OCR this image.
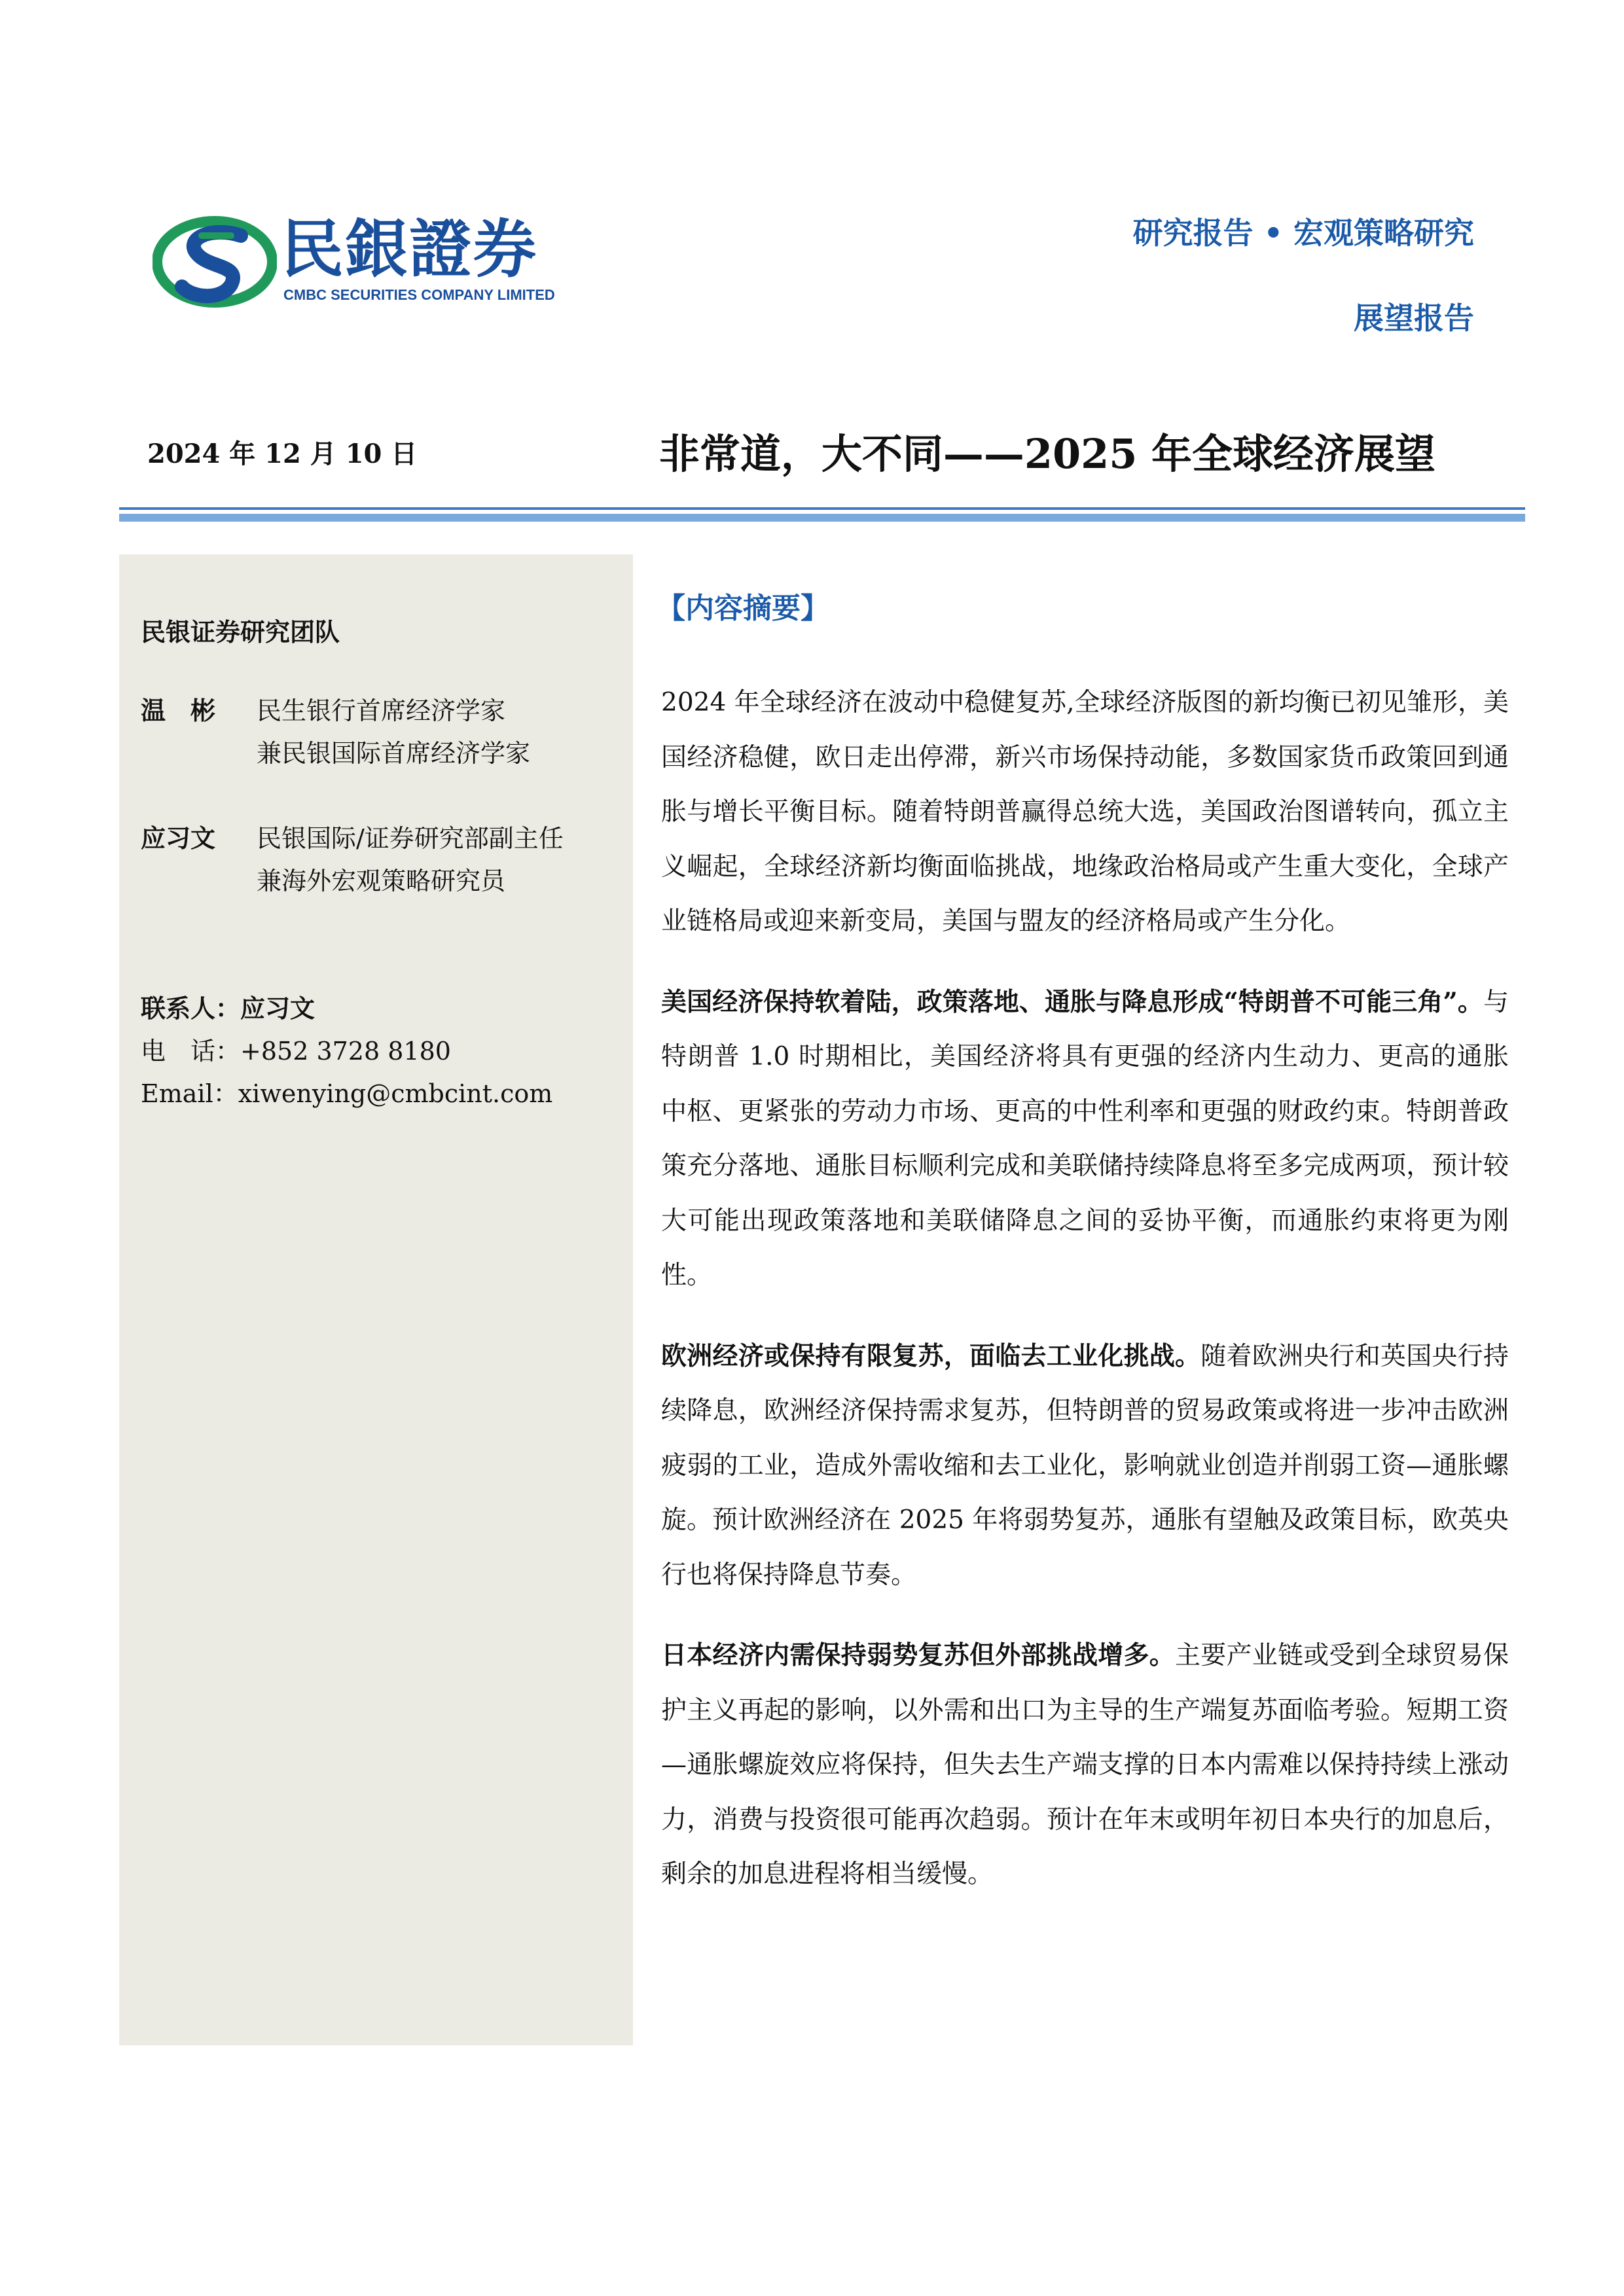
民銀證券
CMBC SECURITIES COMPANY LIMITED
研究报告 • 宏观策略研究
展望报告
2024 年 12 月 10 日	非常道，大不同——2025 年全球经济展望
民银证券研究团队
温　彬 民生银行首席经济学家
兼民银国际首席经济学家
应习文 民银国际/证券研究部副主任
兼海外宏观策略研究员
联系人：应习文
电　话：+852 3728 8180
Email：xiwenying@cmbcint.com
【内容摘要】

2024 年全球经济在波动中稳健复苏,全球经济版图的新均衡已初见雏形，美国经济稳健，欧日走出停滞，新兴市场保持动能，多数国家货币政策回到通胀与增长平衡目标。随着特朗普赢得总统大选，美国政治图谱转向，孤立主义崛起，全球经济新均衡面临挑战，地缘政治格局或产生重大变化，全球产业链格局或迎来新变局，美国与盟友的经济格局或产生分化。

美国经济保持软着陆，政策落地、通胀与降息形成“特朗普不可能三角”。与特朗普 1.0 时期相比，美国经济将具有更强的经济内生动力、更高的通胀中枢、更紧张的劳动力市场、更高的中性利率和更强的财政约束。特朗普政策充分落地、通胀目标顺利完成和美联储持续降息将至多完成两项，预计较大可能出现政策落地和美联储降息之间的妥协平衡，而通胀约束将更为刚性。

欧洲经济或保持有限复苏，面临去工业化挑战。随着欧洲央行和英国央行持续降息，欧洲经济保持需求复苏，但特朗普的贸易政策或将进一步冲击欧洲疲弱的工业，造成外需收缩和去工业化，影响就业创造并削弱工资—通胀螺旋。预计欧洲经济在 2025 年将弱势复苏，通胀有望触及政策目标，欧英央行也将保持降息节奏。

日本经济内需保持弱势复苏但外部挑战增多。主要产业链或受到全球贸易保护主义再起的影响，以外需和出口为主导的生产端复苏面临考验。短期工资—通胀螺旋效应将保持，但失去生产端支撑的日本内需难以保持持续上涨动力，消费与投资很可能再次趋弱。预计在年末或明年初日本央行的加息后，剩余的加息进程将相当缓慢。
